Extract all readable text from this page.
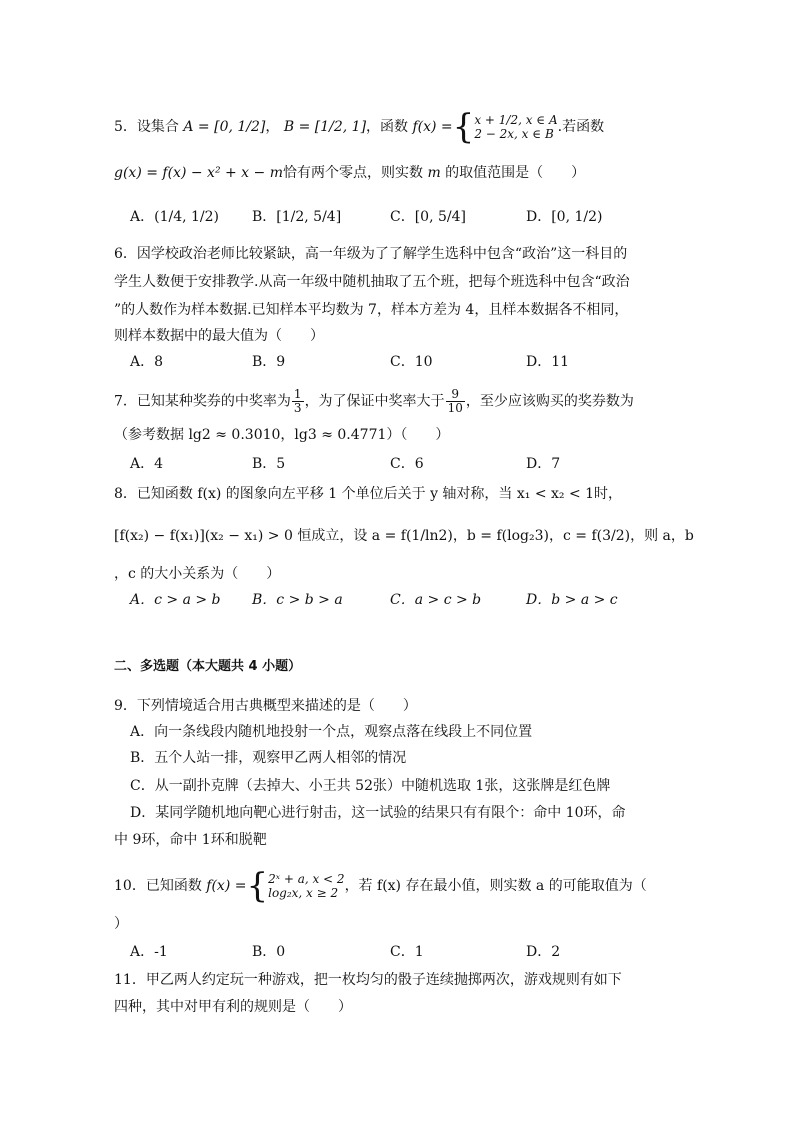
5．设集合 A = [0, 1/2]， B = [1/2, 1]，函数 f(x) ={ x + 1/2, x ∈ A
2 − 2x, x ∈ B .若函数
g(x) = f(x) − x² + x − m恰有两个零点，则实数 m 的取值范围是（　　）
A．(1/4, 1/2) B．[1/2, 5/4]	C．[0, 5/4]	D．[0, 1/2)
6．因学校政治老师比较紧缺，高一年级为了了解学生选科中包含“政治”这一科目的
学生人数便于安排教学.从高一年级中随机抽取了五个班，把每个班选科中包含“政治
”的人数作为样本数据.已知样本平均数为 7，样本方差为 4，且样本数据各不相同，
则样本数据中的最大值为（　　）
A．8	B．9	C．10	D．11
7．已知某种奖券的中奖率为 $\frac{1}{3}$ ，为了保证中奖率大于 $\frac{9}{10}$ ，至少应该购买的奖券数为
（参考数据 lg2 ≈ 0.3010，lg3 ≈ 0.4771）（　　）
A．4	B．5	C．6	D．7
8．已知函数 f(x) 的图象向左平移 1 个单位后关于 y 轴对称，当 x₁ < x₂ < 1时，
[f(x₂) − f(x₁)](x₂ − x₁) > 0 恒成立，设 a = f(1/ln2)，b = f(log₂3)，c = f(3/2)，则 a，b
，c 的大小关系为（　　）
A．c > a > b B．c > b > a	C．a > c > b	D．b > a > c
二、多选题（本大题共 4 小题）
9．下列情境适合用古典概型来描述的是（　　）
A．向一条线段内随机地投射一个点，观察点落在线段上不同位置
B．五个人站一排，观察甲乙两人相邻的情况
C．从一副扑克牌（去掉大、小王共 52张）中随机选取 1张，这张牌是红色牌
D．某同学随机地向靶心进行射击，这一试验的结果只有有限个：命中 10环，命
中 9环，命中 1环和脱靶
10．已知函数 f(x) ={ 2ˣ + a, x < 2
log₂x, x ≥ 2 ，若 f(x) 存在最小值，则实数 a 的可能取值为（
）
A．-1	B．0	C．1	D．2
11．甲乙两人约定玩一种游戏，把一枚均匀的骰子连续抛掷两次，游戏规则有如下
四种，其中对甲有利的规则是（　　）
